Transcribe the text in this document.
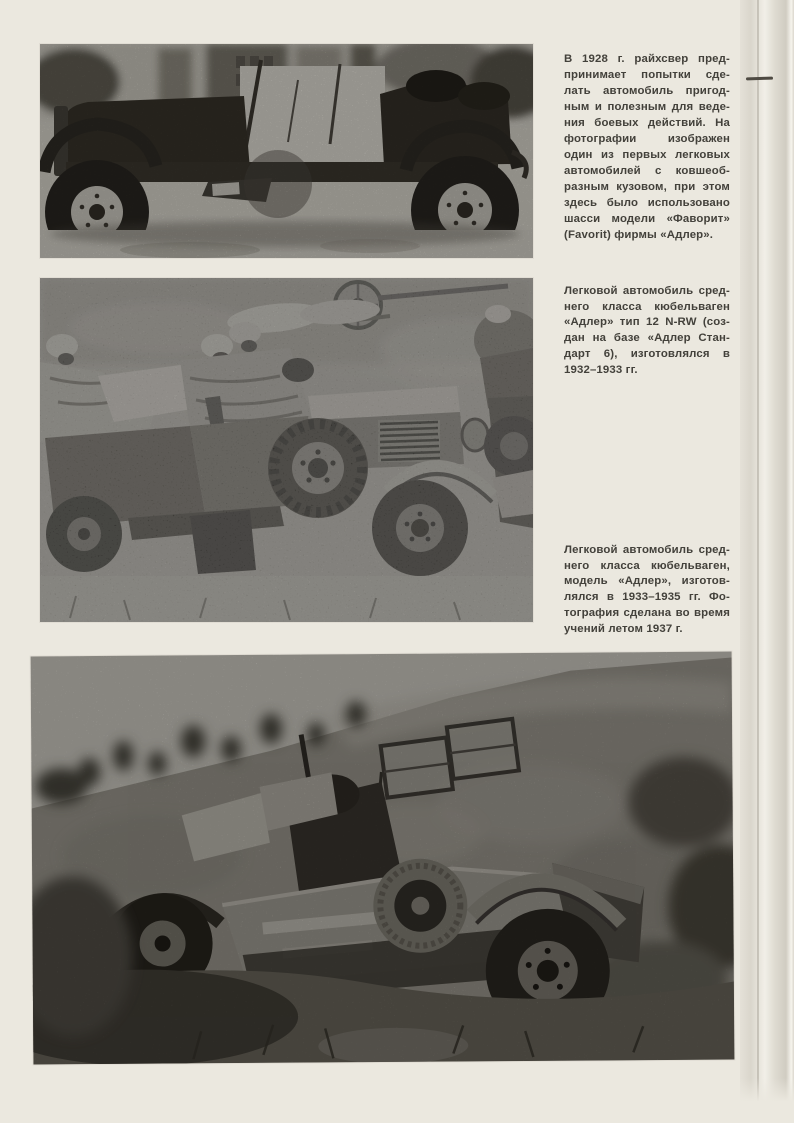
В 1928 г. райхсвер пред-
принимает попытки сде-
лать автомобиль пригод-
ным и полезным для веде-
ния боевых действий. На
фотографии изображен
один из первых легковых
автомобилей с ковшеоб-
разным кузовом, при этом
здесь было использовано
шасси модели «Фаворит»
(Favorit) фирмы «Адлер».
Легковой автомобиль сред-
него класса кюбельваген
«Адлер» тип 12 N-RW (соз-
дан на базе «Адлер Стан-
дарт 6), изготовлялся в
1932–1933 гг.
Легковой автомобиль сред-
него класса кюбельваген,
модель «Адлер», изготов-
лялся в 1933–1935 гг. Фо-
тография сделана во время
учений летом 1937 г.
